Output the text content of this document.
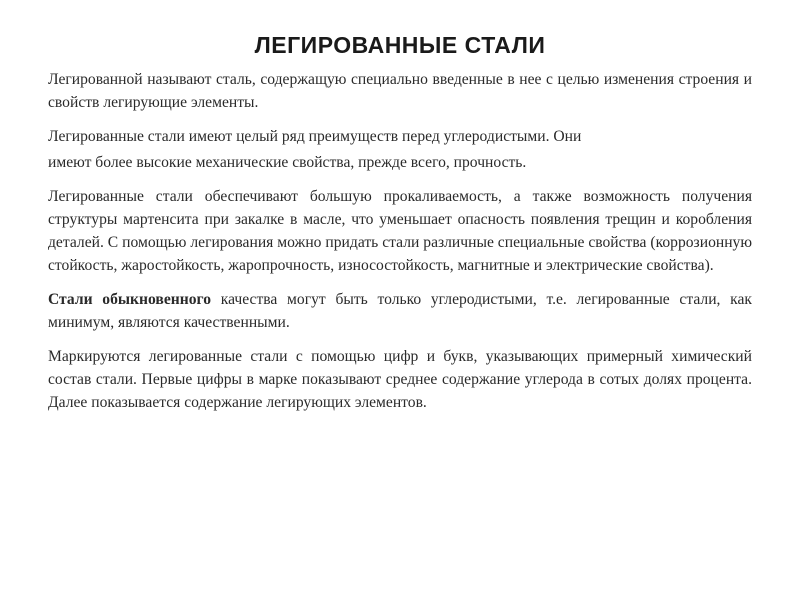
ЛЕГИРОВАННЫЕ СТАЛИ

Легированной называют сталь, содержащую специально введенные в нее с целью изменения строения и свойств легирующие элементы.

Легированные стали имеют целый ряд преимуществ перед углеродистыми. Они

имеют более высокие механические свойства, прежде всего, прочность.

Легированные стали обеспечивают большую прокаливаемость, а также возможность получения структуры мартенсита при закалке в масле, что уменьшает опасность появления трещин и коробления деталей. С помощью легирования можно придать стали различные специальные свойства (коррозионную стойкость, жаростойкость, жаропрочность, износостойкость, магнитные и электрические свойства).

Стали обыкновенного качества могут быть только углеродистыми, т.е. легированные стали, как минимум, являются качественными.

Маркируются легированные стали с помощью цифр и букв, указывающих примерный химический состав стали. Первые цифры в марке показывают среднее содержание углерода в сотых долях процента. Далее показывается содержание легирующих элементов.
